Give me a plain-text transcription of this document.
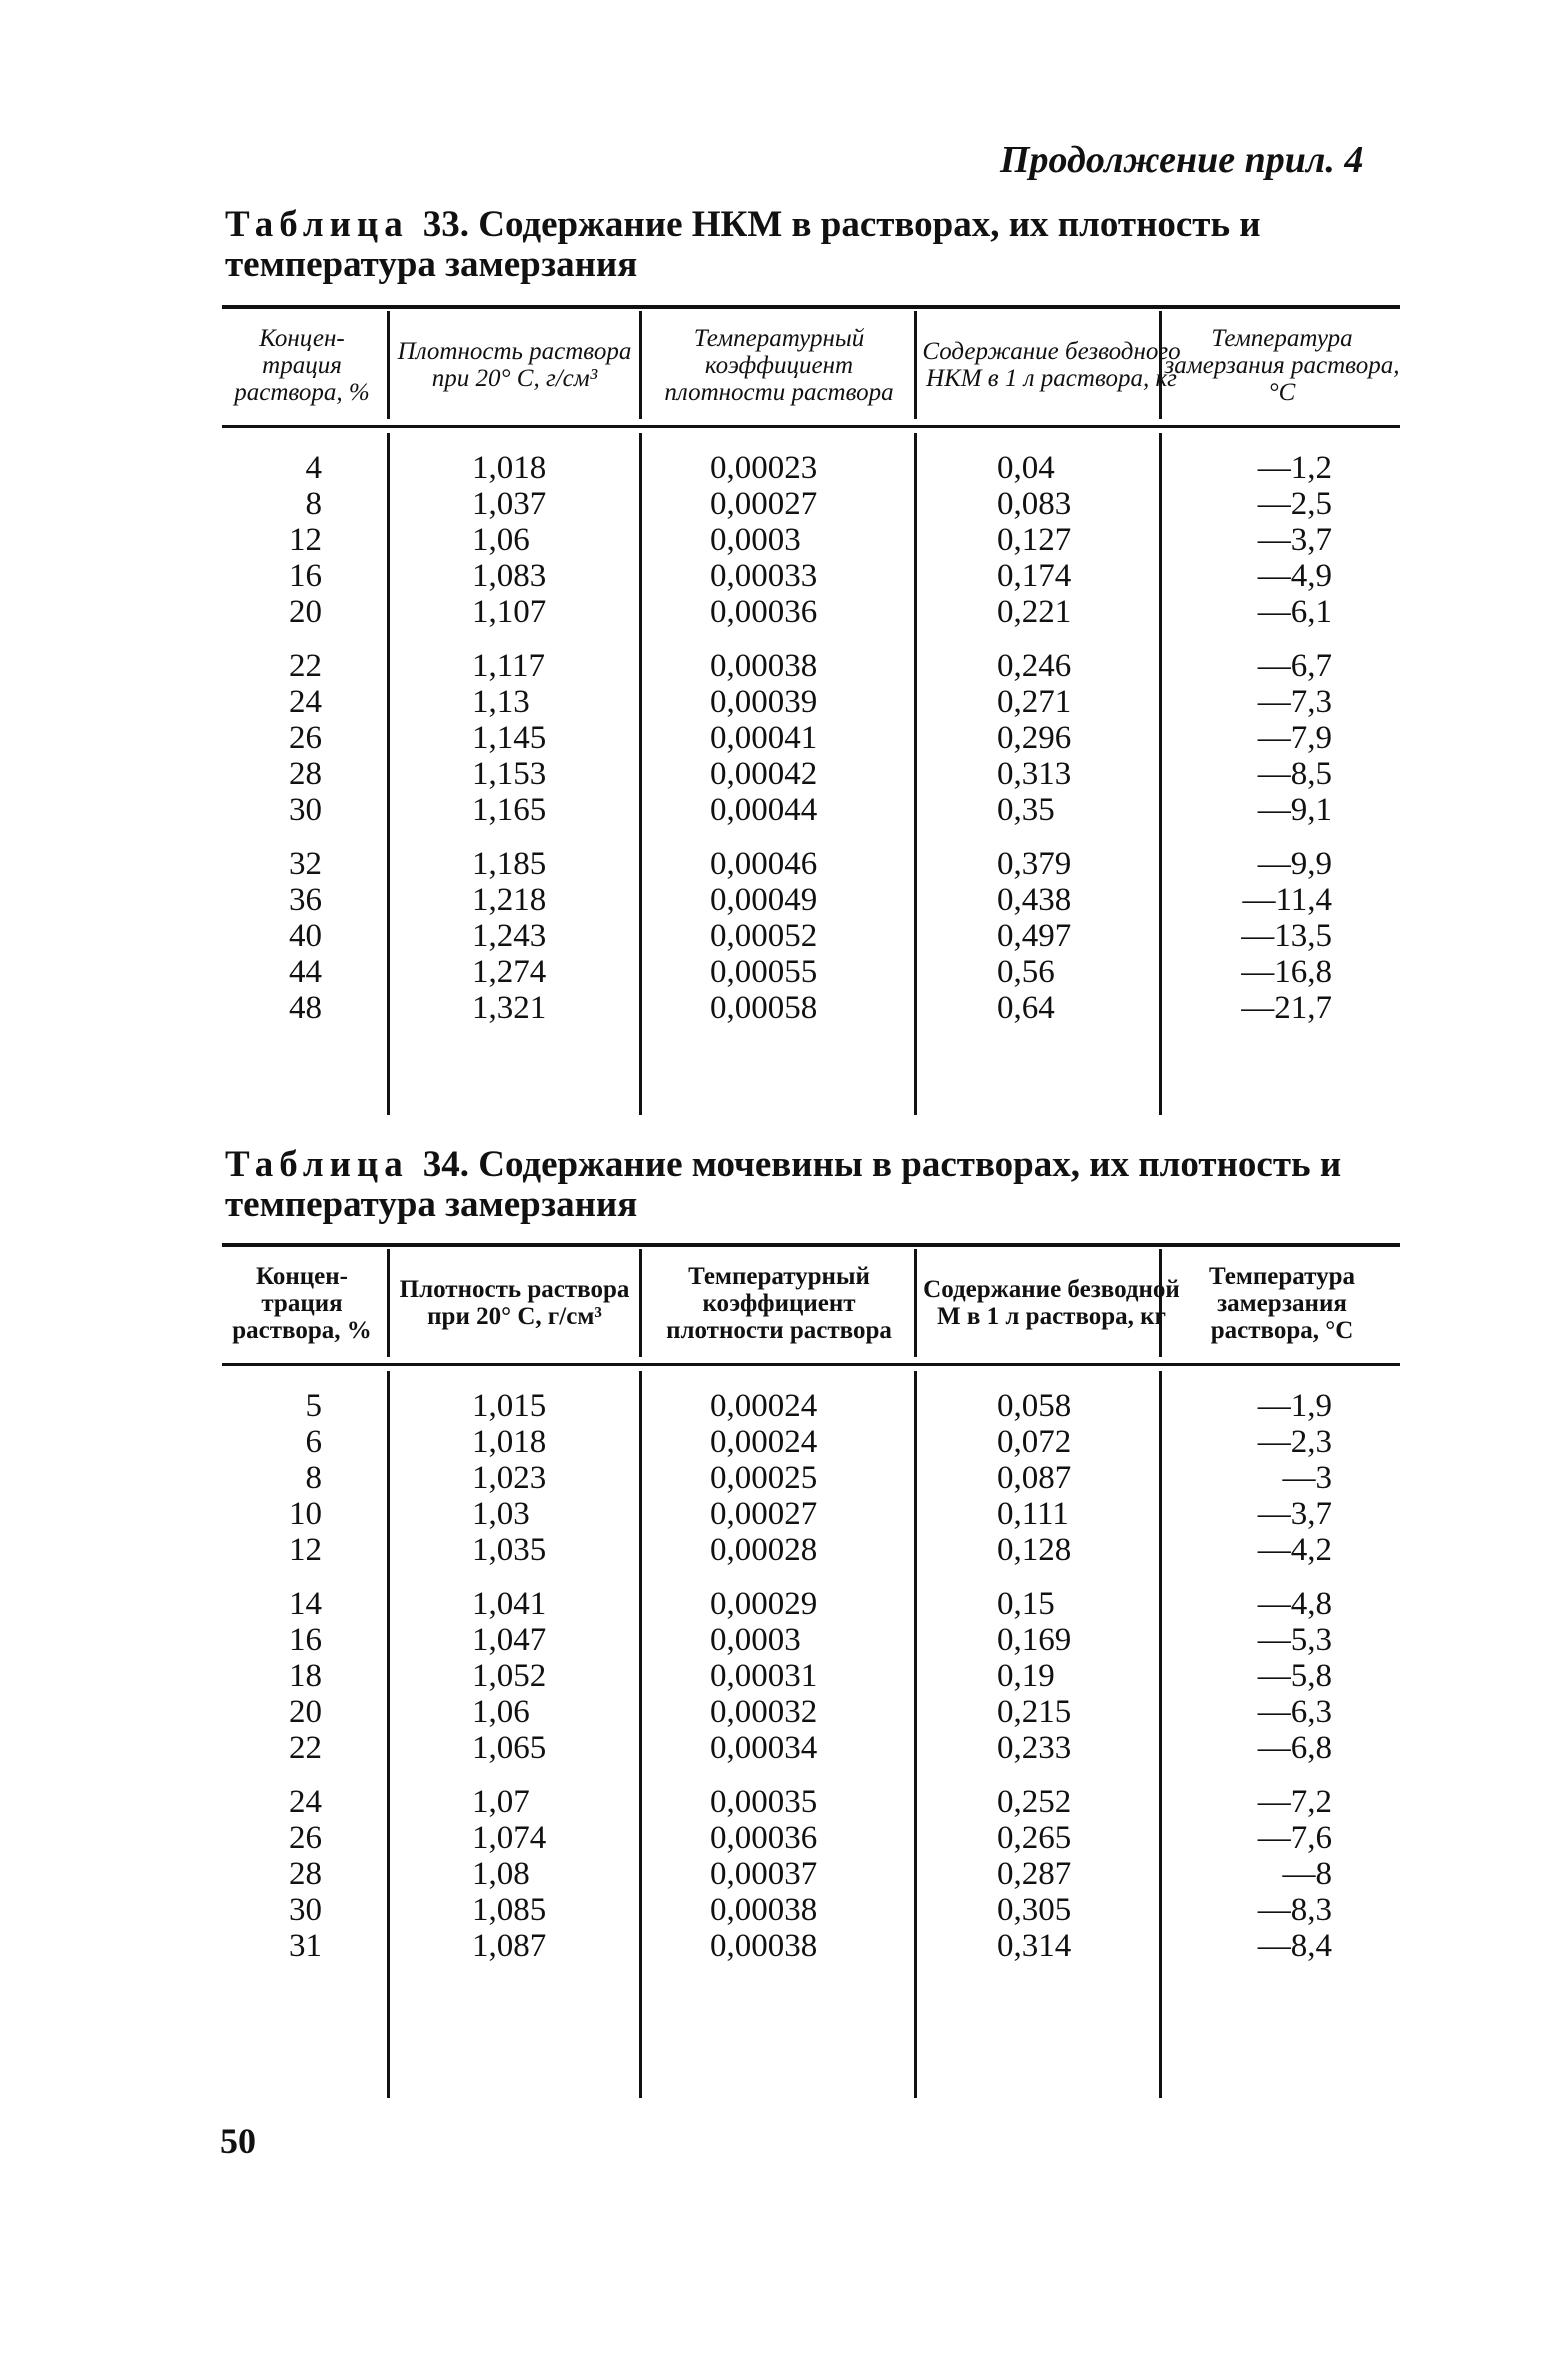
Продолжение прил. 4
Таблица 33. Содержание НКМ в растворах, их плотность и температура замерзания
Концен-трация раствора, %
Плотность раствора при 20° С, г/см³
Температурный коэффициент плотности раствора
Содержание безводного НКМ в 1 л раствора, кг
Температура замерзания раствора, °С
4
8
12
16
20
22
24
26
28
30
32
36
40
44
48
1,018
1,037
1,06
1,083
1,107
1,117
1,13
1,145
1,153
1,165
1,185
1,218
1,243
1,274
1,321
0,00023
0,00027
0,0003
0,00033
0,00036
0,00038
0,00039
0,00041
0,00042
0,00044
0,00046
0,00049
0,00052
0,00055
0,00058
0,04
0,083
0,127
0,174
0,221
0,246
0,271
0,296
0,313
0,35
0,379
0,438
0,497
0,56
0,64
—1,2
—2,5
—3,7
—4,9
—6,1
—6,7
—7,3
—7,9
—8,5
—9,1
—9,9
—11,4
—13,5
—16,8
—21,7
Таблица 34. Содержание мочевины в растворах, их плотность и температура замерзания
Концен-трация раствора, %
Плотность раствора при 20° С, г/см³
Температурный коэффициент плотности раствора
Содержание безводной М в 1 л раствора, кг
Температура замерзания раствора, °С
5
6
8
10
12
14
16
18
20
22
24
26
28
30
31
1,015
1,018
1,023
1,03
1,035
1,041
1,047
1,052
1,06
1,065
1,07
1,074
1,08
1,085
1,087
0,00024
0,00024
0,00025
0,00027
0,00028
0,00029
0,0003
0,00031
0,00032
0,00034
0,00035
0,00036
0,00037
0,00038
0,00038
0,058
0,072
0,087
0,111
0,128
0,15
0,169
0,19
0,215
0,233
0,252
0,265
0,287
0,305
0,314
—1,9
—2,3
—3
—3,7
—4,2
—4,8
—5,3
—5,8
—6,3
—6,8
—7,2
—7,6
—8
—8,3
—8,4
50
